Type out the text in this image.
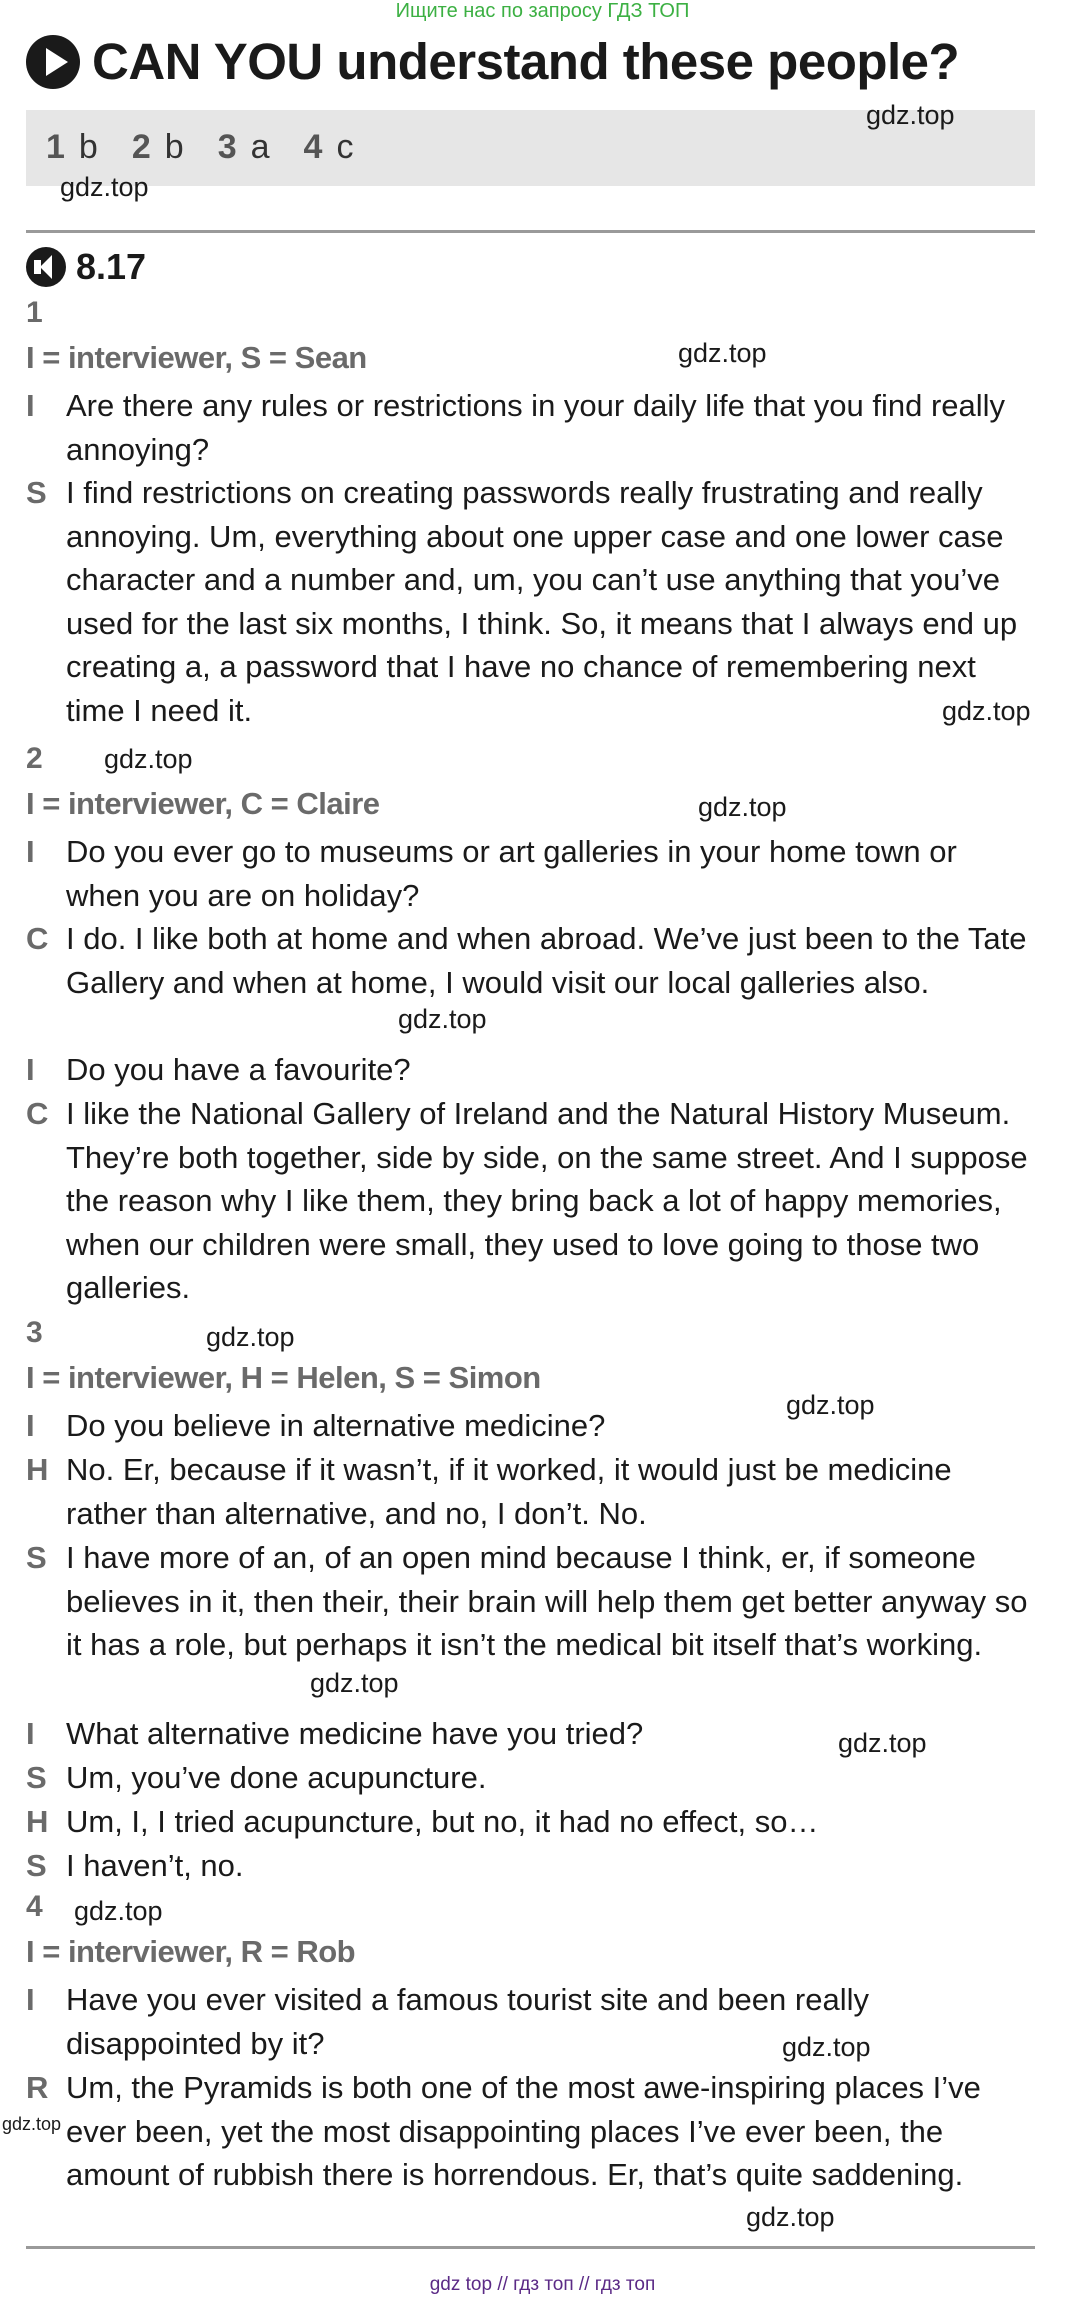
Ищите нас по запросу ГДЗ ТОП
CAN YOU understand these people?
1 b 2 b 3 a 4 c
8.17
1
I = interviewer, S = Sean
I	Are there any rules or restrictions in your daily life that you find really annoying?
S I find restrictions on creating passwords really frustrating and really annoying. Um, everything about one upper case and one lower case character and a number and, um, you can’t use anything that you’ve used for the last six months, I think. So, it means that I always end up creating a, a password that I have no chance of remembering next time I need it.
2
I = interviewer, C = Claire
I	Do you ever go to museums or art galleries in your home town or when you are on holiday?
C I do. I like both at home and when abroad. We’ve just been to the Tate Gallery and when at home, I would visit our local galleries also.
I	Do you have a favourite?
C I like the National Gallery of Ireland and the Natural History Museum. They’re both together, side by side, on the same street. And I suppose the reason why I like them, they bring back a lot of happy memories, when our children were small, they used to love going to those two galleries.
3
I = interviewer, H = Helen, S = Simon
I	Do you believe in alternative medicine?
H No. Er, because if it wasn’t, if it worked, it would just be medicine rather than alternative, and no, I don’t. No.
S I have more of an, of an open mind because I think, er, if someone believes in it, then their, their brain will help them get better anyway so it has a role, but perhaps it isn’t the medical bit itself that’s working.
I	What alternative medicine have you tried?
S Um, you’ve done acupuncture.
H Um, I, I tried acupuncture, but no, it had no effect, so…
S I haven’t, no.
4
I = interviewer, R = Rob
I	Have you ever visited a famous tourist site and been really disappointed by it?
R Um, the Pyramids is both one of the most awe-inspiring places I’ve ever been, yet the most disappointing places I’ve ever been, the amount of rubbish there is horrendous. Er, that’s quite saddening.
gdz.top
gdz.top
gdz.top
gdz.top
gdz.top
gdz.top
gdz.top
gdz.top
gdz.top
gdz.top
gdz.top
gdz.top
gdz.top
gdz.top
gdz.top
gdz top // гдз топ // гдз топ
